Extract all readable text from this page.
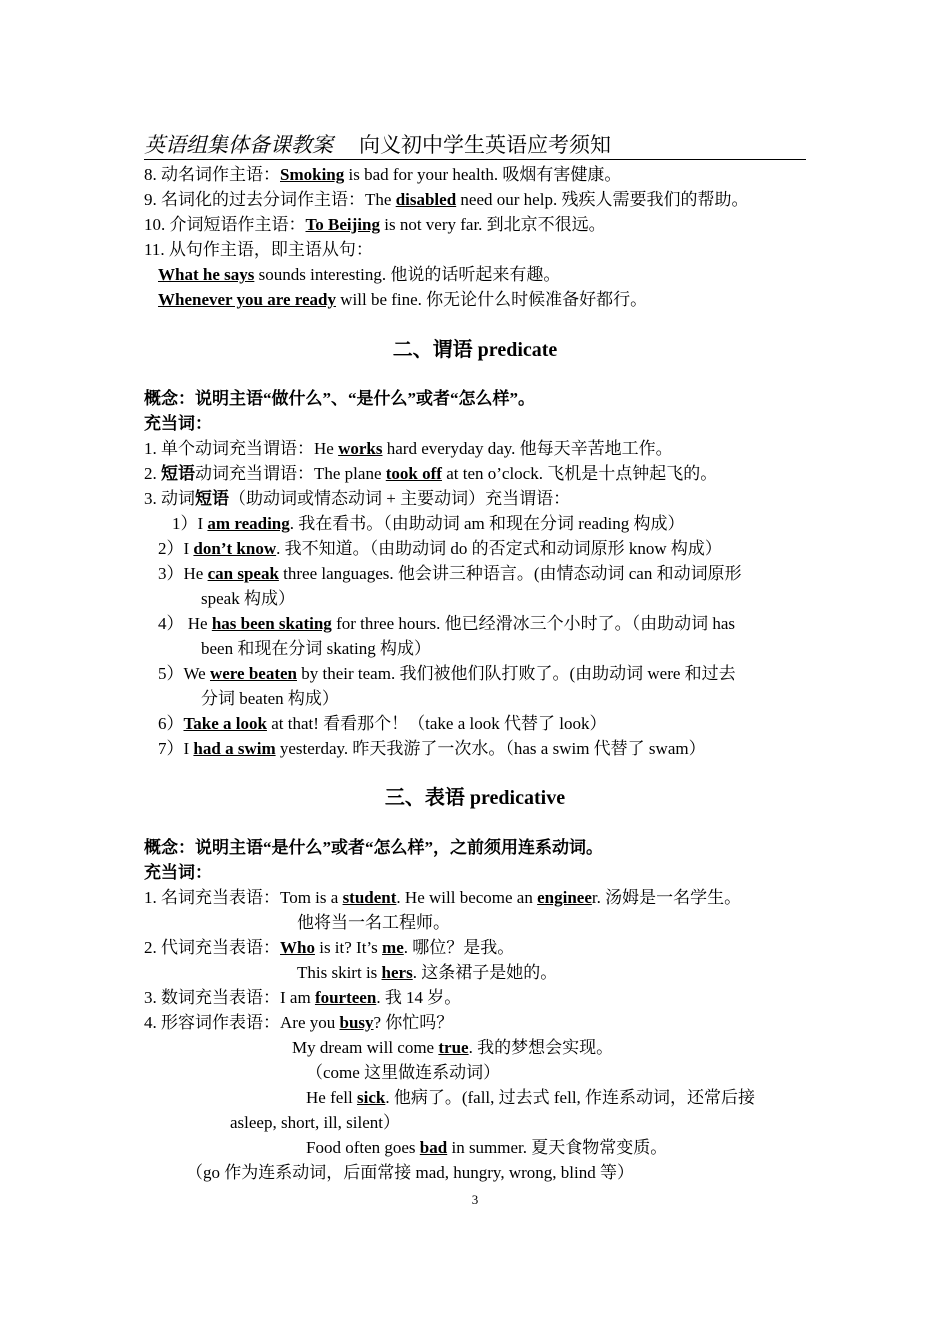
英语组集体备课教案 向义初中学生英语应考须知
8. 动名词作主语：Smoking is bad for your health. 吸烟有害健康。
9. 名词化的过去分词作主语：The disabled need our help. 残疾人需要我们的帮助。
10. 介词短语作主语：To Beijing is not very far. 到北京不很远。
11. 从句作主语，即主语从句：
What he says sounds interesting. 他说的话听起来有趣。
Whenever you are ready will be fine. 你无论什么时候准备好都行。
二、谓语 predicate
概念：说明主语“做什么”、“是什么”或者“怎么样”。
充当词：
1. 单个动词充当谓语：He works hard everyday day. 他每天辛苦地工作。
2. 短语动词充当谓语：The plane took off at ten o’clock. 飞机是十点钟起飞的。
3. 动词短语（助动词或情态动词 + 主要动词）充当谓语：
1）I am reading. 我在看书。（由助动词 am 和现在分词 reading 构成）
2）I don’t know. 我不知道。（由助动词 do 的否定式和动词原形 know 构成）
3）He can speak three languages. 他会讲三种语言。(由情态动词 can 和动词原形
speak 构成）
4） He has been skating for three hours. 他已经滑冰三个小时了。（由助动词 has
been 和现在分词 skating 构成）
5）We were beaten by their team. 我们被他们队打败了。(由助动词 were 和过去
分词 beaten 构成）
6）Take a look at that! 看看那个！（take a look 代替了 look）
7）I had a swim yesterday. 昨天我游了一次水。（has a swim 代替了 swam）
三、表语 predicative
概念：说明主语“是什么”或者“怎么样”，之前须用连系动词。
充当词：
1. 名词充当表语：Tom is a student. He will become an engineer. 汤姆是一名学生。
他将当一名工程师。
2. 代词充当表语：Who is it? It’s me. 哪位？是我。
This skirt is hers. 这条裙子是她的。
3. 数词充当表语：I am fourteen. 我 14 岁。
4. 形容词作表语：Are you busy? 你忙吗？
My dream will come true. 我的梦想会实现。
（come 这里做连系动词）
He fell sick. 他病了。(fall, 过去式 fell, 作连系动词，还常后接
asleep, short, ill, silent）
Food often goes bad in summer. 夏天食物常变质。
（go 作为连系动词，后面常接 mad, hungry, wrong, blind 等）
3
